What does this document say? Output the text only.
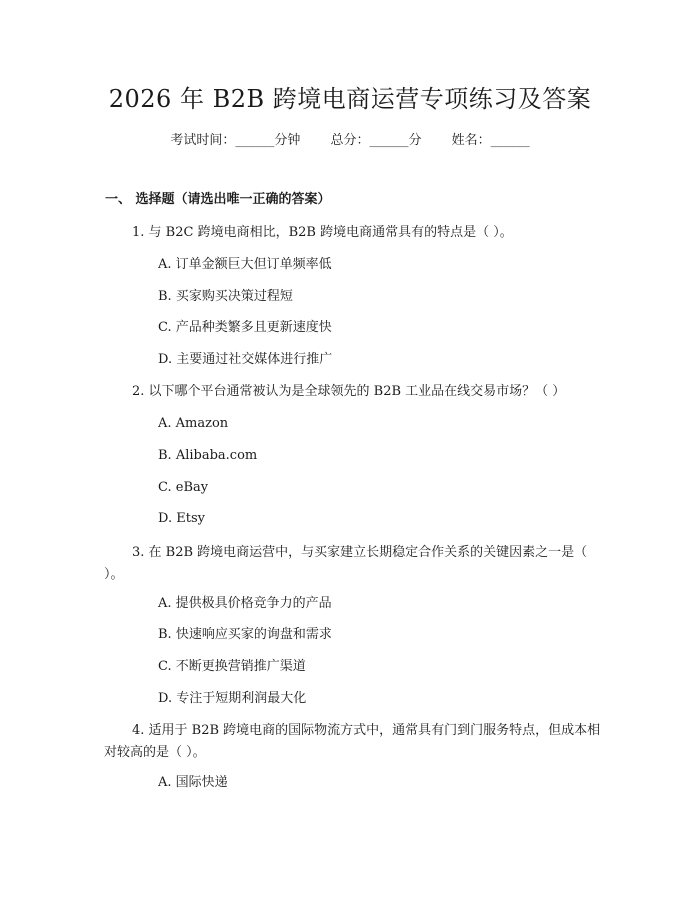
2026 年 B2B 跨境电商运营专项练习及答案
考试时间：______分钟 总分：______分 姓名：______
一、 选择题（请选出唯一正确的答案）
1. 与 B2C 跨境电商相比，B2B 跨境电商通常具有的特点是（ ）。
A. 订单金额巨大但订单频率低
B. 买家购买决策过程短
C. 产品种类繁多且更新速度快
D. 主要通过社交媒体进行推广
2. 以下哪个平台通常被认为是全球领先的 B2B 工业品在线交易市场？（ ）
A. Amazon
B. Alibaba.com
C. eBay
D. Etsy
3. 在 B2B 跨境电商运营中，与买家建立长期稳定合作关系的关键因素之一是（ ）。
A. 提供极具价格竞争力的产品
B. 快速响应买家的询盘和需求
C. 不断更换营销推广渠道
D. 专注于短期利润最大化
4. 适用于 B2B 跨境电商的国际物流方式中，通常具有门到门服务特点，但成本相对较高的是（ ）。
A. 国际快递
